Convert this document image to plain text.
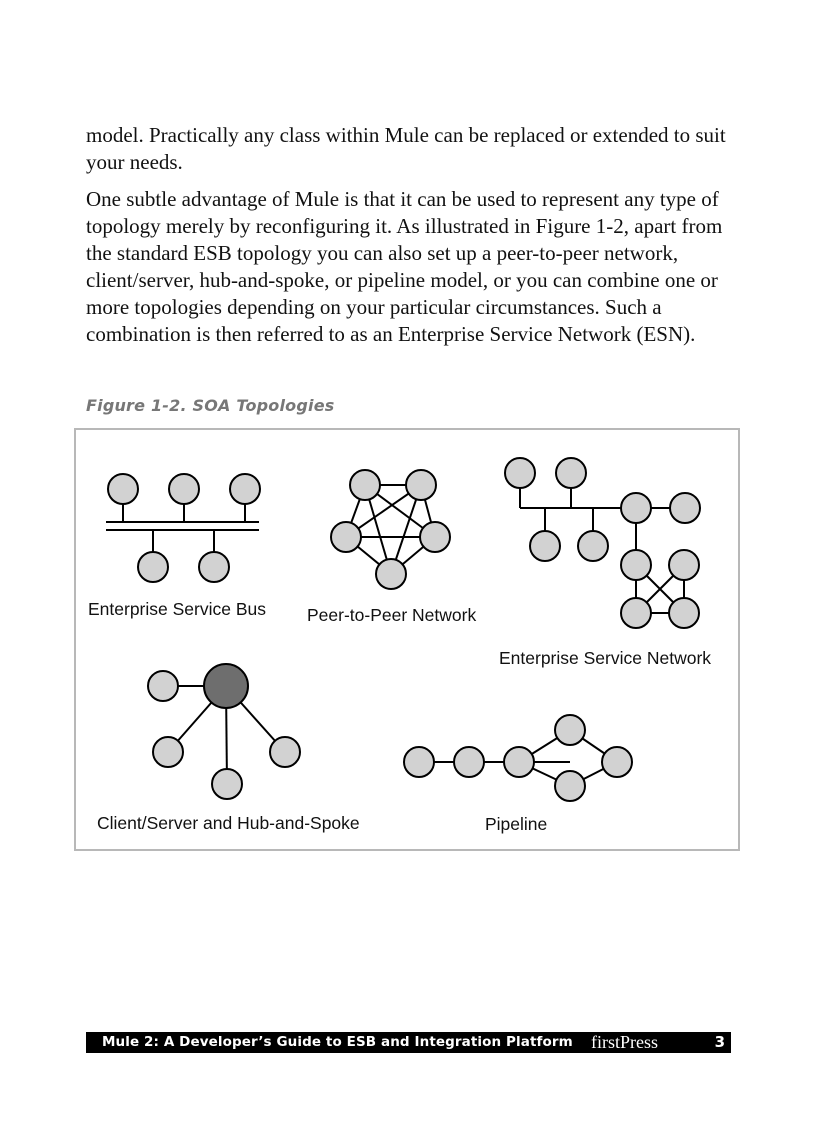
model. Practically any class within Mule can be replaced or extended to suit your needs.

One subtle advantage of Mule is that it can be used to represent any type of topology merely by reconfiguring it. As illustrated in Figure 1-2, apart from the standard ESB topology you can also set up a peer-to-peer network, client/server, hub-and-spoke, or pipeline model, or you can combine one or more topologies depending on your particular circumstances. Such a combination is then referred to as an Enterprise Service Network (ESN).

Figure 1-2. SOA Topologies
Enterprise Service Bus Peer-to-Peer Network
Enterprise Service Network
Client/Server and Hub-and-Spoke	Pipeline
Mule 2: A Developer’s Guide to ESB and Integration Platform firstPress	3
